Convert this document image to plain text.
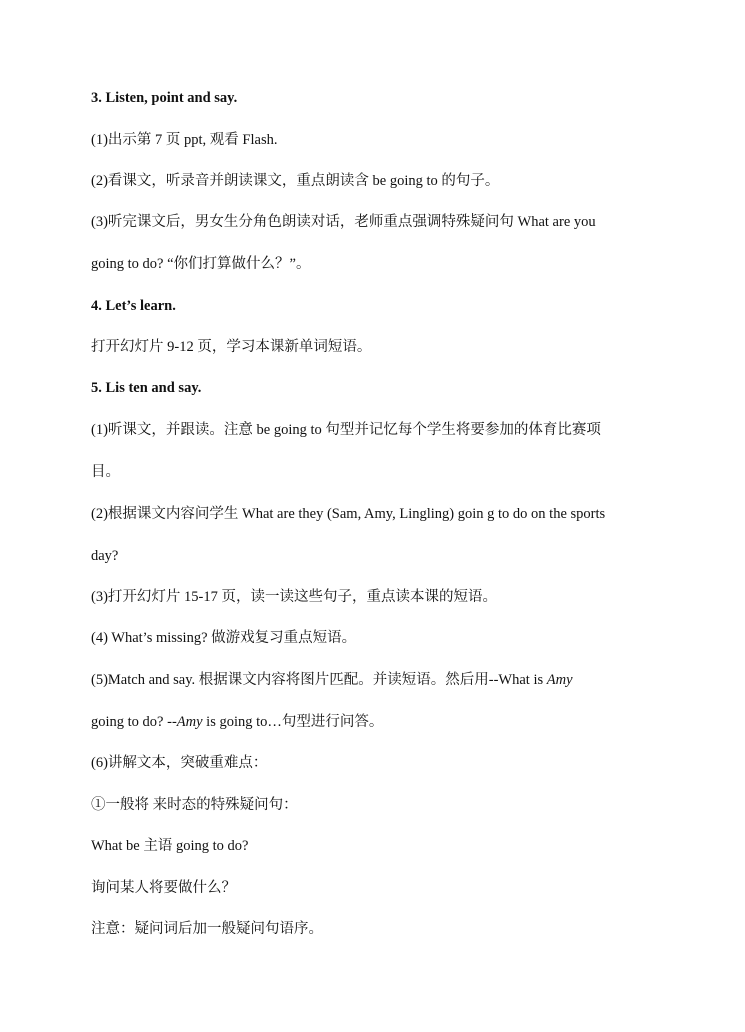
3. Listen, point and say.
(1)出示第 7 页 ppt, 观看 Flash.
(2)看课文，听录音并朗读课文，重点朗读含 be going to 的句子。
(3)听完课文后，男女生分角色朗读对话，老师重点强调特殊疑问句 What are you
going to do? “你们打算做什么？”。
4. Let’s learn.
打开幻灯片 9-12 页，学习本课新单词短语。
5. Lis ten and say.
(1)听课文，并跟读。注意 be going to 句型并记忆每个学生将要参加的体育比赛项
目。
(2)根据课文内容问学生 What are they (Sam, Amy, Lingling) goin g to do on the sports
day?
(3)打开幻灯片 15-17 页，读一读这些句子，重点读本课的短语。
(4) What’s missing? 做游戏复习重点短语。
(5)Match and say. 根据课文内容将图片匹配。并读短语。然后用--What is Amy
going to do? --Amy is going to…句型进行问答。
(6)讲解文本，突破重难点：
①一般将 来时态的特殊疑问句：
What be 主语 going to do?
询问某人将要做什么？
注意：疑问词后加一般疑问句语序。
